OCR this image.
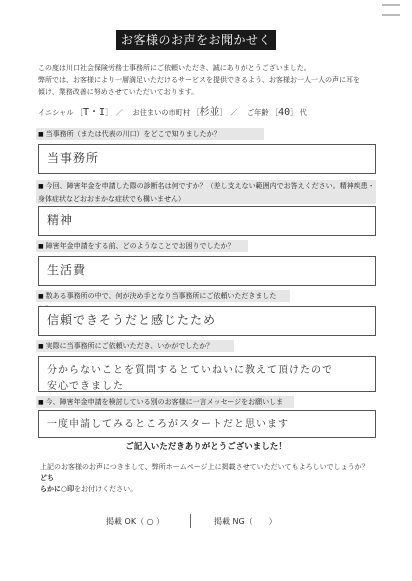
お客様のお声をお聞かせください
この度は川口社会保険労務士事務所にご依頼いただき、誠にありがとうございました。
弊所では、お客様により一層満足いただけるサービスを提供できるよう、お客様お一人一人の声に耳を
傾け、業務改善に努めさせていただいております。
イニシャル ［T・I］　／　 お住まいの市町村 ［杉並］　／　 ご年齢 ［40］ 代
■ 当事務所（または代表の川口）をどこで知りましたか？
当事務所
■ 今回、障害年金を申請した際の診断名は何ですか？（差し支えない範囲内でお答えください。精神疾患・身体症状などおおまかな症状でも構いません）
精神
■ 障害年金申請をする前、どのようなことでお困りでしたか？
生活費
■ 数ある事務所の中で、何が決め手となり当事務所にご依頼いただきました
信頼できそうだと感じたため
■ 実際に当事務所にご依頼いただき、いかがでしたか？
分からないことを質問するとていねいに教えて頂けたので
安心できました
■ 今、障害年金申請を検討している別のお客様に一言メッセージをお願いしま
一度申請してみるところがスタートだと思います
ご記入いただきありがとうございました！
上記のお客様のお声につきまして、弊所ホームページ上に掲載させていただいてもよろしいでしょうか？どち
らかに○印をお付けください。
掲載 OK（ ○ ）	掲載 NG（　　）
